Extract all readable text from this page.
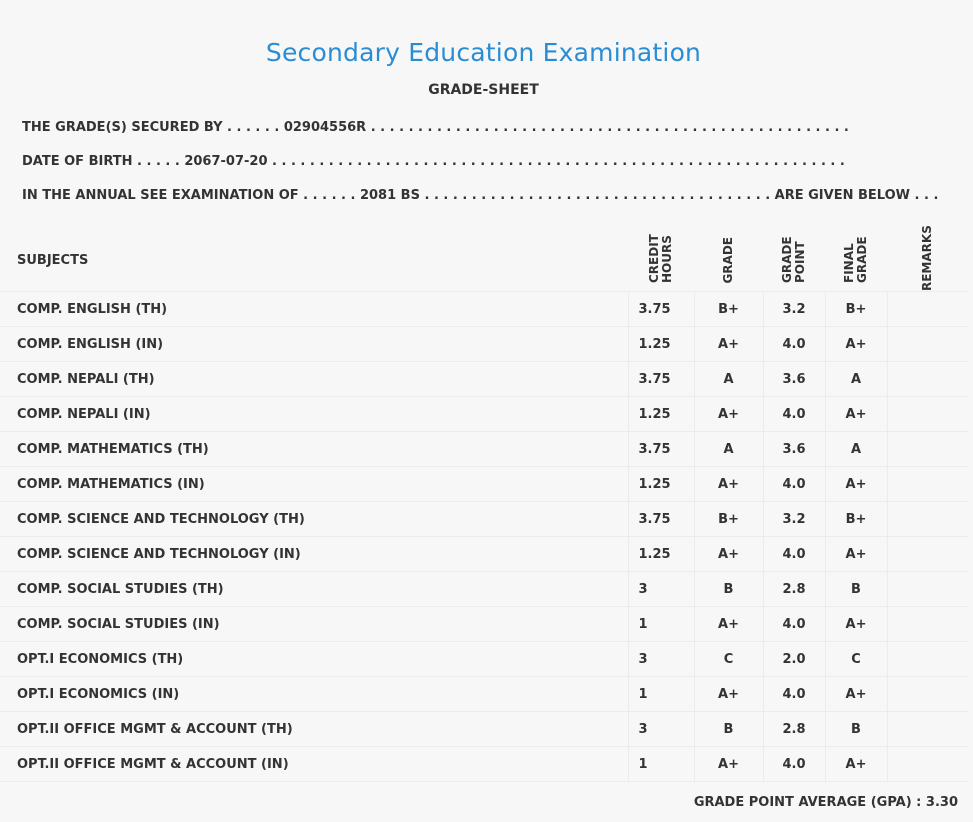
Secondary Education Examination
GRADE-SHEET
THE GRADE(S) SECURED BY . . . . . . 02904556R . . . . . . . . . . . . . . . . . . . . . . . . . . . . . . . . . . . . . . . . . . . . . . . . . . .
DATE OF BIRTH . . . . . 2067-07-20 . . . . . . . . . . . . . . . . . . . . . . . . . . . . . . . . . . . . . . . . . . . . . . . . . . . . . . . . . . . . .
IN THE ANNUAL SEE EXAMINATION OF . . . . . . 2081 BS . . . . . . . . . . . . . . . . . . . . . . . . . . . . . . . . . . . . . ARE GIVEN BELOW . . .
SUBJECTS	CREDIT HOURS	GRADE	GRADE POINT	FINAL GRADE	REMARKS

COMP. ENGLISH (TH)	3.75	B+	3.2	B+	
COMP. ENGLISH (IN)	1.25	A+	4.0	A+	
COMP. NEPALI (TH)	3.75	A	3.6	A	
COMP. NEPALI (IN)	1.25	A+	4.0	A+	
COMP. MATHEMATICS (TH)	3.75	A	3.6	A	
COMP. MATHEMATICS (IN)	1.25	A+	4.0	A+	
COMP. SCIENCE AND TECHNOLOGY (TH)	3.75	B+	3.2	B+	
COMP. SCIENCE AND TECHNOLOGY (IN)	1.25	A+	4.0	A+	
COMP. SOCIAL STUDIES (TH)	3	B	2.8	B	
COMP. SOCIAL STUDIES (IN)	1	A+	4.0	A+	
OPT.I ECONOMICS (TH)	3	C	2.0	C	
OPT.I ECONOMICS (IN)	1	A+	4.0	A+	
OPT.II OFFICE MGMT & ACCOUNT (TH)	3	B	2.8	B	
OPT.II OFFICE MGMT & ACCOUNT (IN)	1	A+	4.0	A+	
GRADE POINT AVERAGE (GPA) : 3.30
